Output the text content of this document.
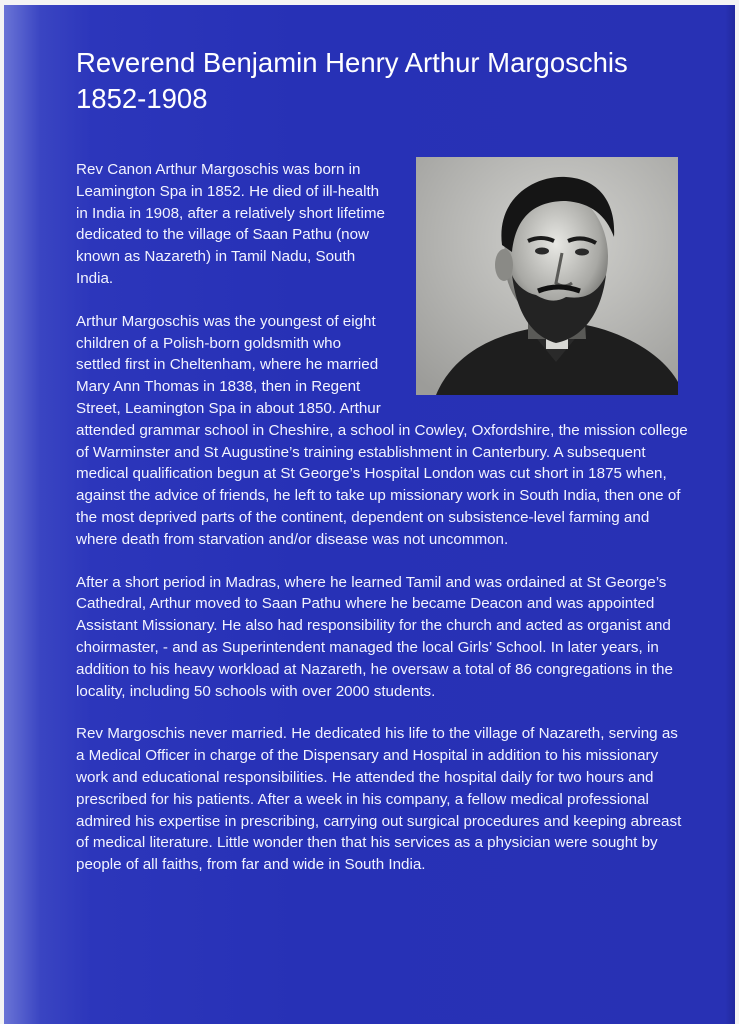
Reverend Benjamin Henry Arthur Margoschis
1852-1908

Rev Canon Arthur Margoschis was born in Leamington Spa in 1852. He died of ill-health in India in 1908, after a relatively short lifetime dedicated to the village of Saan Pathu (now known as Nazareth) in Tamil Nadu, South India.

Arthur Margoschis was the youngest of eight children of a Polish-born goldsmith who settled first in Cheltenham, where he married Mary Ann Thomas in 1838, then in Regent Street, Leamington Spa in about 1850. Arthur attended grammar school in Cheshire, a school in Cowley, Oxfordshire, the mission college of Warminster and St Augustine’s training establishment in Canterbury. A subsequent medical qualification begun at St George’s Hospital London was cut short in 1875 when, against the advice of friends, he left to take up missionary work in South India, then one of the most deprived parts of the continent, dependent on subsistence-level farming and where death from starvation and/or disease was not uncommon.

After a short period in Madras, where he learned Tamil and was ordained at St George’s Cathedral, Arthur moved to Saan Pathu where he became Deacon and was appointed Assistant Missionary. He also had responsibility for the church and acted as organist and choirmaster, - and as Superintendent managed the local Girls’ School. In later years, in addition to his heavy workload at Nazareth, he oversaw a total of 86 congregations in the locality, including 50 schools with over 2000 students.

Rev Margoschis never married. He dedicated his life to the village of Nazareth, serving as a Medical Officer in charge of the Dispensary and Hospital in addition to his missionary work and educational responsibilities. He attended the hospital daily for two hours and prescribed for his patients. After a week in his company, a fellow medical professional admired his expertise in prescribing, carrying out surgical procedures and keeping abreast of medical literature. Little wonder then that his services as a physician were sought by people of all faiths, from far and wide in South India.
